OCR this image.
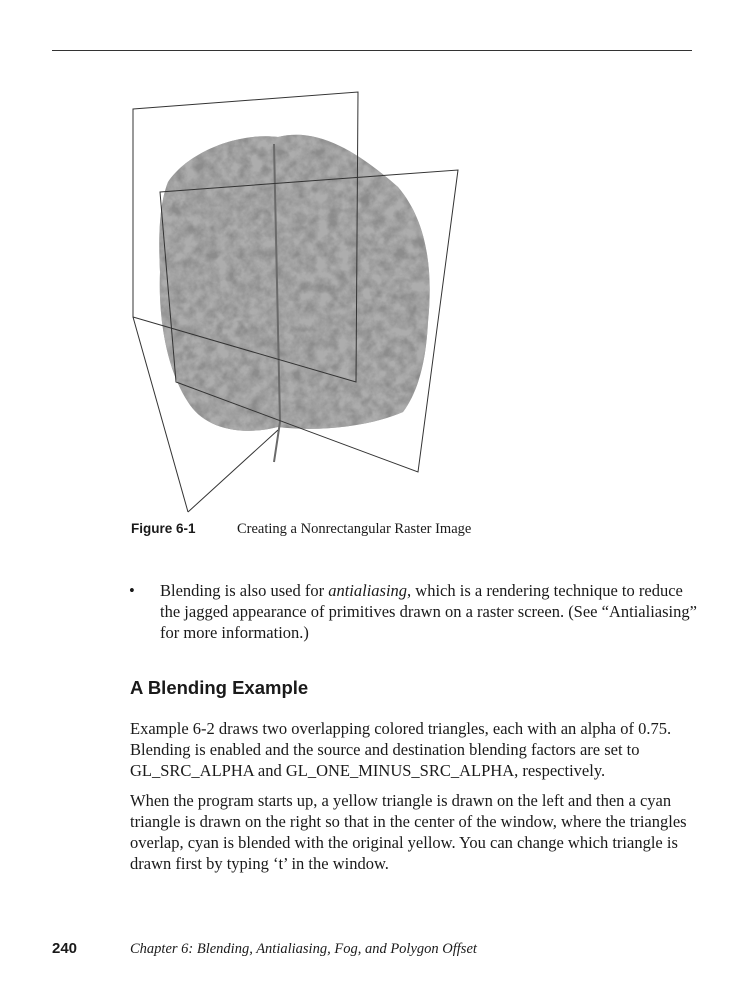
Figure 6-1	Creating a Nonrectangular Raster Image
• Blending is also used for antialiasing, which is a rendering technique to reduce the jagged appearance of primitives drawn on a raster screen. (See “Antialiasing” for more information.)
A Blending Example

Example 6-2 draws two overlapping colored triangles, each with an alpha of 0.75. Blending is enabled and the source and destination blending factors are set to GL_SRC_ALPHA and GL_ONE_MINUS_SRC_ALPHA, respectively.

When the program starts up, a yellow triangle is drawn on the left and then a cyan triangle is drawn on the right so that in the center of the window, where the triangles overlap, cyan is blended with the original yellow. You can change which triangle is drawn first by typing ‘t’ in the window.

240	Chapter 6: Blending, Antialiasing, Fog, and Polygon Offset
